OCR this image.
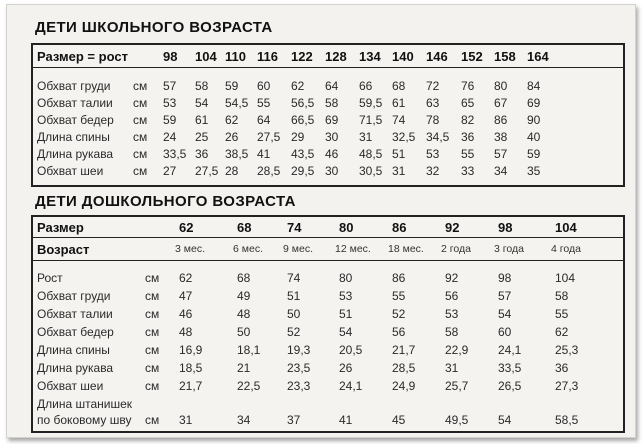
ДЕТИ ШКОЛЬНОГО ВОЗРАСТА
Размер = рост	98 104 110 116 122 128 134 140 146 152 158 164
Обхват груди см 57 58 59 60 62 64 66 68 72 76 80 84
Обхват талии см 53 54 54,5 55 56,5 58 59,5 61 63 65 67 69
Обхват бедер см 59 61 62 64 66,5 69 71,5 74 78 82 86 90
Длина спины см 24 25 26 27,5 29 30 31 32,5 34,5 36 38 40
Длина рукава см 33,5 36 38,5 41 43,5 46 48,5 51 53 55 57 59
Обхват шеи см 27 27,5 28 28,5 29,5 30 30,5 31 32 33 34 35
ДЕТИ ДОШКОЛЬНОГО ВОЗРАСТА
Размер	62	68	74	80	86	92	98	104
Возраст	3 мес.	6 мес. 9 мес. 12 мес. 18 мес. 2 года 3 года	4 года
Рост	см 62	68	74	80	86	92	98	104
Обхват груди	см 47	49	51	53	55	56	57	58
Обхват талии	см 46	48	50	51	52	53	54	55
Обхват бедер	см 48	50	52	54	56	58	60	62
Длина спины	см 16,9	18,1 19,3 20,5 21,7 22,9 24,1	25,3
Длина рукава	см 18,5	21	23,5 26	28,5 31	33,5	36
Обхват шеи	см 21,7	22,5 23,3 24,1 24,9 25,7 26,5	27,3
Длина штанишек
по боковому шву см 31	34	37	41	45	49,5 54	58,5
